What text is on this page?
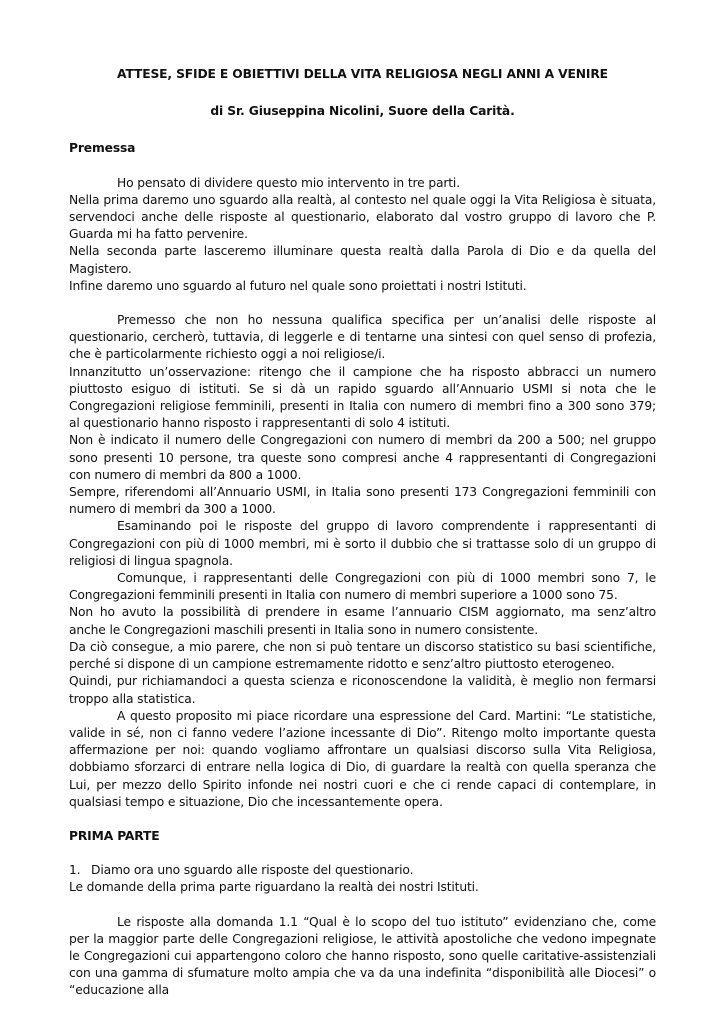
ATTESE, SFIDE E OBIETTIVI DELLA VITA RELIGIOSA NEGLI ANNI A VENIRE

di Sr. Giuseppina Nicolini, Suore della Carità.

Premessa

Ho pensato di dividere questo mio intervento in tre parti.

Nella prima daremo uno sguardo alla realtà, al contesto nel quale oggi la Vita Religiosa è situata, servendoci anche delle risposte al questionario, elaborato dal vostro gruppo di lavoro che P. Guarda mi ha fatto pervenire.

Nella seconda parte lasceremo illuminare questa realtà dalla Parola di Dio e da quella del Magistero.

Infine daremo uno sguardo al futuro nel quale sono proiettati i nostri Istituti.

Premesso che non ho nessuna qualifica specifica per un’analisi delle risposte al questionario, cercherò, tuttavia, di leggerle e di tentarne una sintesi con quel senso di profezia, che è particolarmente richiesto oggi a noi religiose/i.

Innanzitutto un’osservazione: ritengo che il campione che ha risposto abbracci un numero piuttosto esiguo di istituti. Se si dà un rapido sguardo all’Annuario USMI si nota che le Congregazioni religiose femminili, presenti in Italia con numero di membri fino a 300 sono 379; al questionario hanno risposto i rappresentanti di solo 4 istituti.

Non è indicato il numero delle Congregazioni con numero di membri da 200 a 500; nel gruppo sono presenti 10 persone, tra queste sono compresi anche 4 rappresentanti di Congregazioni con numero di membri da 800 a 1000.

Sempre, riferendomi all’Annuario USMI, in Italia sono presenti 173 Congregazioni femminili con numero di membri da 300 a 1000.

Esaminando poi le risposte del gruppo di lavoro comprendente i rappresentanti di Congregazioni con più di 1000 membri, mi è sorto il dubbio che si trattasse solo di un gruppo di religiosi di lingua spagnola.

Comunque, i rappresentanti delle Congregazioni con più di 1000 membri sono 7, le Congregazioni femminili presenti in Italia con numero di membri superiore a 1000 sono 75.

Non ho avuto la possibilità di prendere in esame l’annuario CISM aggiornato, ma senz’altro anche le Congregazioni maschili presenti in Italia sono in numero consistente.

Da ciò consegue, a mio parere, che non si può tentare un discorso statistico su basi scientifiche, perché si dispone di un campione estremamente ridotto e senz’altro piuttosto eterogeneo.

Quindi, pur richiamandoci a questa scienza e riconoscendone la validità, è meglio non fermarsi troppo alla statistica.

A questo proposito mi piace ricordare una espressione del Card. Martini: “Le statistiche, valide in sé, non ci fanno vedere l’azione incessante di Dio”. Ritengo molto importante questa affermazione per noi: quando vogliamo affrontare un qualsiasi discorso sulla Vita Religiosa, dobbiamo sforzarci di entrare nella logica di Dio, di guardare la realtà con quella speranza che Lui, per mezzo dello Spirito infonde nei nostri cuori e che ci rende capaci di contemplare, in qualsiasi tempo e situazione, Dio che incessantemente opera.

PRIMA PARTE

1. Diamo ora uno sguardo alle risposte del questionario.

Le domande della prima parte riguardano la realtà dei nostri Istituti.

Le risposte alla domanda 1.1 “Qual è lo scopo del tuo istituto” evidenziano che, come per la maggior parte delle Congregazioni religiose, le attività apostoliche che vedono impegnate le Congregazioni cui appartengono coloro che hanno risposto, sono quelle caritative-assistenziali con una gamma di sfumature molto ampia che va da una indefinita “disponibilità alle Diocesi” o “educazione alla
